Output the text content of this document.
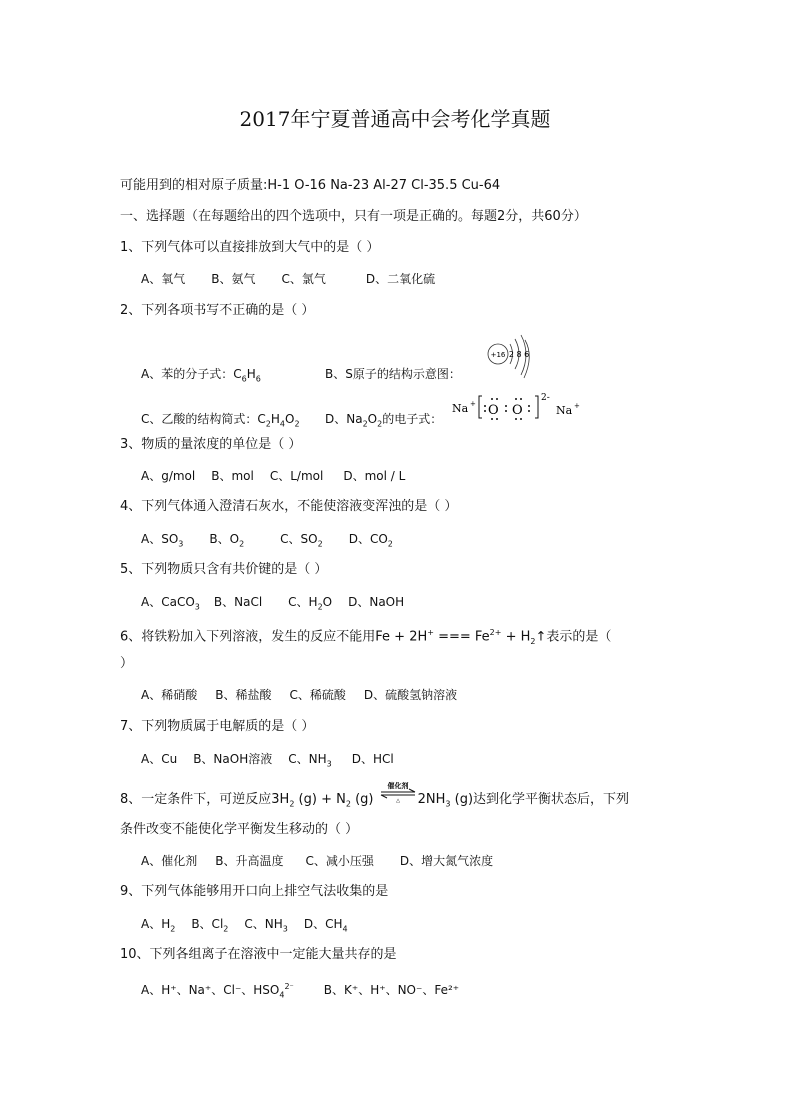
2017年宁夏普通高中会考化学真题
可能用到的相对原子质量:H-1 O-16 Na-23 Al-27 Cl-35.5 Cu-64
一、选择题（在每题给出的四个选项中，只有一项是正确的。每题2分，共60分）
1、下列气体可以直接排放到大气中的是（ ）
A、氧气 B、氨气 C、氯气	D、二氧化硫
2、下列各项书写不正确的是（ ）
A、苯的分子式：$C_6H_6$	B、S原子的结构示意图：
+16 2 8 6
C、乙酸的结构简式：$C_2H_4O_2$ D、$Na_2O_2$的电子式：
Na + O O
2-
Na +
3、物质的量浓度的单位是（ ）
A、g/mol B、mol C、L/mol D、mol / L
4、下列气体通入澄清石灰水，不能使溶液变浑浊的是（ ）
A、$SO_3$ B、$O_2$	C、$SO_2$ D、$CO_2$
5、下列物质只含有共价键的是（ ）
A、CaCO$_3$ B、NaCl C、$H_2O$ D、NaOH
6、将铁粉加入下列溶液，发生的反应不能用Fe + 2H+ === $Fe^{2+}$ + $H_2↑$表示的是（
）
A、稀硝酸 B、稀盐酸 C、稀硫酸 D、硫酸氢钠溶液
7、下列物质属于电解质的是（ ）
A、Cu B、NaOH溶液 C、$NH_3$ D、HCl
8、一定条件下，可逆反应$3H_2$ $(g) + N_2$ (g)
催化剂
△ $2NH_3$ (g)达到化学平衡状态后，下列
条件改变不能使化学平衡发生移动的（ ）
A、催化剂 B、升高温度 C、减小压强 D、增大氮气浓度
9、下列气体能够用开口向上排空气法收集的是
A、$H_2$ B、$Cl_2$ C、$NH_3$ D、$CH_4$
10、下列各组离子在溶液中一定能大量共存的是
A、H⁺、Na⁺、Cl⁻、$HSO_4^{2^-}$	B、K⁺、H⁺、NO⁻、Fe²⁺
